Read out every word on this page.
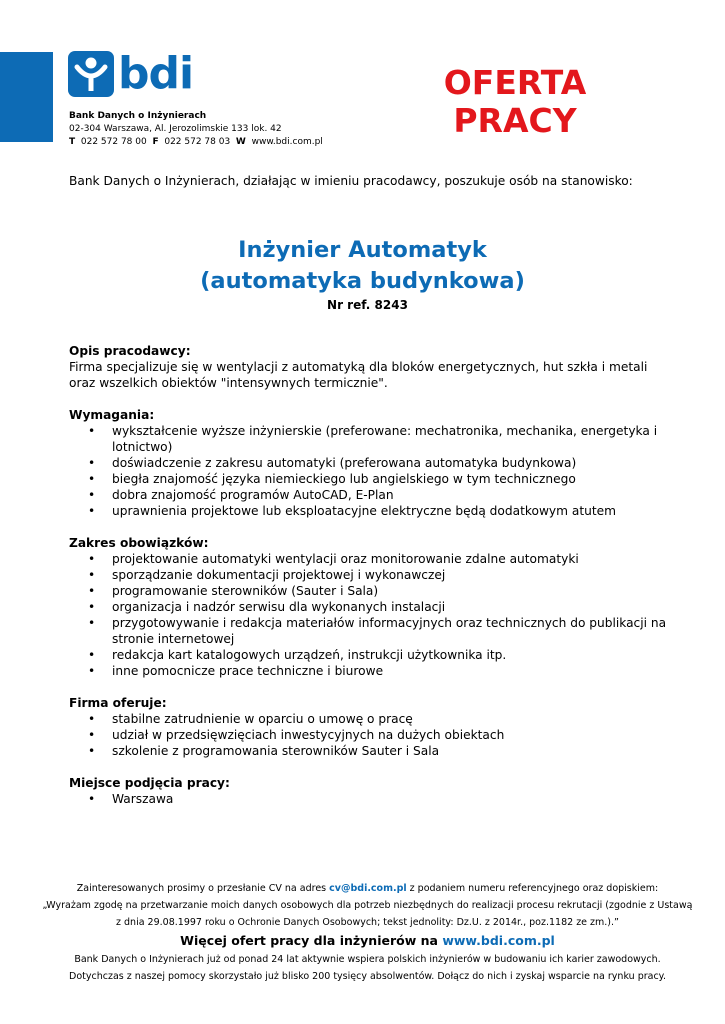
bdi
Bank Danych o Inżynierach
02-304 Warszawa, Al. Jerozolimskie 133 lok. 42
T 022 572 78 00 F 022 572 78 03 W www.bdi.com.pl
OFERTA
PRACY
Bank Danych o Inżynierach, działając w imieniu pracodawcy, poszukuje osób na stanowisko:
Inżynier Automatyk
(automatyka budynkowa)
Nr ref. 8243
Opis pracodawcy:

Firma specjalizuje się w wentylacji z automatyką dla bloków energetycznych, hut szkła i metali oraz wszelkich obiektów "intensywnych termicznie".

Wymagania:
• wykształcenie wyższe inżynierskie (preferowane: mechatronika, mechanika, energetyka i lotnictwo)
• doświadczenie z zakresu automatyki (preferowana automatyka budynkowa)
• biegła znajomość języka niemieckiego lub angielskiego w tym technicznego
• dobra znajomość programów AutoCAD, E-Plan
• uprawnienia projektowe lub eksploatacyjne elektryczne będą dodatkowym atutem
Zakres obowiązków:
• projektowanie automatyki wentylacji oraz monitorowanie zdalne automatyki
• sporządzanie dokumentacji projektowej i wykonawczej
• programowanie sterowników (Sauter i Sala)
• organizacja i nadzór serwisu dla wykonanych instalacji
• przygotowywanie i redakcja materiałów informacyjnych oraz technicznych do publikacji na stronie internetowej
• redakcja kart katalogowych urządzeń, instrukcji użytkownika itp.
• inne pomocnicze prace techniczne i biurowe
Firma oferuje:
• stabilne zatrudnienie w oparciu o umowę o pracę
• udział w przedsięwzięciach inwestycyjnych na dużych obiektach
• szkolenie z programowania sterowników Sauter i Sala
Miejsce podjęcia pracy:
• Warszawa
Zainteresowanych prosimy o przesłanie CV na adres cv@bdi.com.pl z podaniem numeru referencyjnego oraz dopiskiem:
„Wyrażam zgodę na przetwarzanie moich danych osobowych dla potrzeb niezbędnych do realizacji procesu rekrutacji (zgodnie z Ustawą z dnia 29.08.1997 roku o Ochronie Danych Osobowych; tekst jednolity: Dz.U. z 2014r., poz.1182 ze zm.).”
Więcej ofert pracy dla inżynierów na www.bdi.com.pl
Bank Danych o Inżynierach już od ponad 24 lat aktywnie wspiera polskich inżynierów w budowaniu ich karier zawodowych.
Dotychczas z naszej pomocy skorzystało już blisko 200 tysięcy absolwentów. Dołącz do nich i zyskaj wsparcie na rynku pracy.
